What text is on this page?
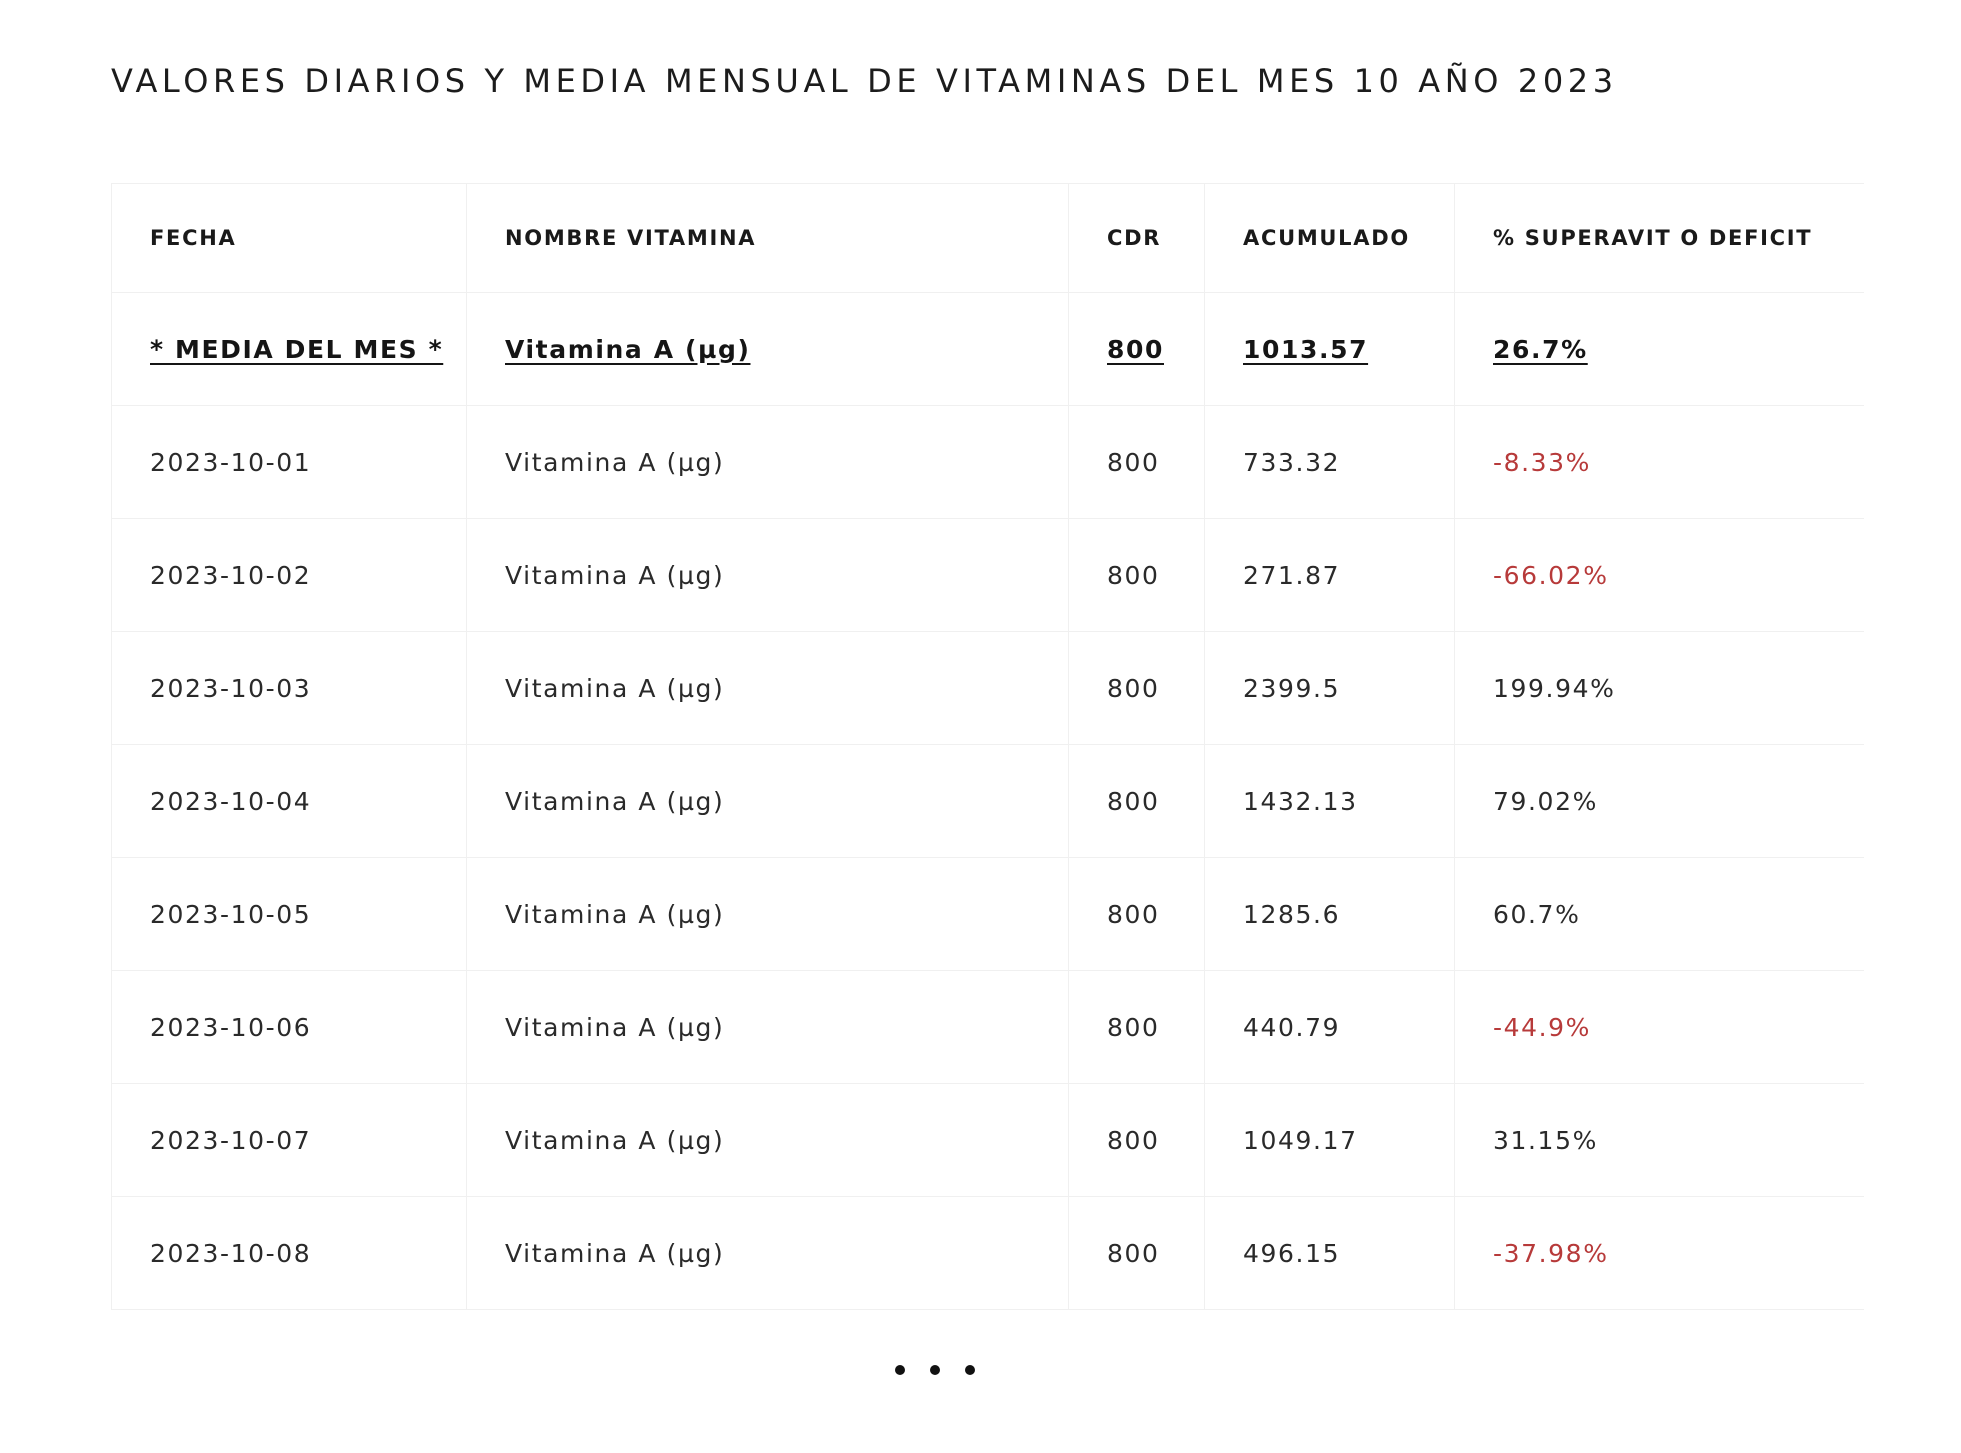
VALORES DIARIOS Y MEDIA MENSUAL DE VITAMINAS DEL MES 10 AÑO 2023
FECHA	NOMBRE VITAMINA	CDR	ACUMULADO	% SUPERAVIT O DEFICIT
* MEDIA DEL MES *	Vitamina A (µg)	800	1013.57	26.7%
2023-10-01	Vitamina A (µg)	800	733.32	-8.33%
2023-10-02	Vitamina A (µg)	800	271.87	-66.02%
2023-10-03	Vitamina A (µg)	800	2399.5	199.94%
2023-10-04	Vitamina A (µg)	800	1432.13	79.02%
2023-10-05	Vitamina A (µg)	800	1285.6	60.7%
2023-10-06	Vitamina A (µg)	800	440.79	-44.9%
2023-10-07	Vitamina A (µg)	800	1049.17	31.15%
2023-10-08	Vitamina A (µg)	800	496.15	-37.98%
